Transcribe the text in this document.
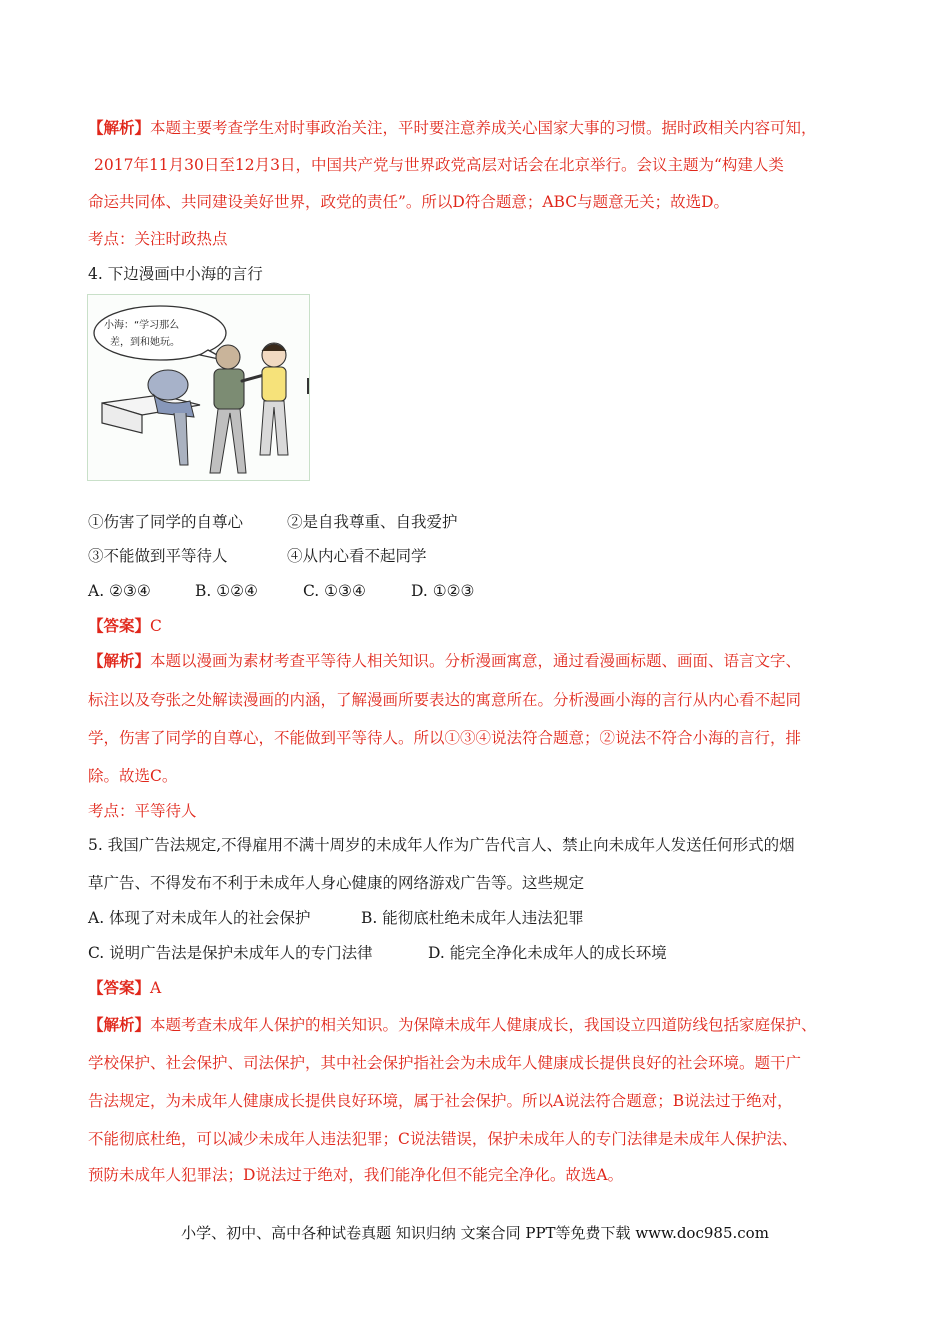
【解析】本题主要考查学生对时事政治关注，平时要注意养成关心国家大事的习惯。据时政相关内容可知，
2017年11月30日至12月3日，中国共产党与世界政党高层对话会在北京举行。会议主题为“构建人类
命运共同体、共同建设美好世界，政党的责任”。所以D符合题意；ABC与题意无关；故选D。
考点：关注时政热点
4. 下边漫画中小海的言行
小海：“学习那么
差，到和她玩。
①伤害了同学的自尊心	②是自我尊重、自我爱护
③不能做到平等待人	④从内心看不起同学
A. ②③④	B. ①②④	C. ①③④	D. ①②③
【答案】C
【解析】本题以漫画为素材考查平等待人相关知识。分析漫画寓意，通过看漫画标题、画面、语言文字、
标注以及夸张之处解读漫画的内涵，了解漫画所要表达的寓意所在。分析漫画小海的言行从内心看不起同
学，伤害了同学的自尊心，不能做到平等待人。所以①③④说法符合题意；②说法不符合小海的言行，排
除。故选C。
考点：平等待人
5. 我国广告法规定,不得雇用不满十周岁的未成年人作为广告代言人、禁止向未成年人发送任何形式的烟
草广告、不得发布不利于未成年人身心健康的网络游戏广告等。这些规定
A. 体现了对未成年人的社会保护	B. 能彻底杜绝未成年人违法犯罪
C. 说明广告法是保护未成年人的专门法律	D. 能完全净化未成年人的成长环境
【答案】A
【解析】本题考查未成年人保护的相关知识。为保障未成年人健康成长，我国设立四道防线包括家庭保护、
学校保护、社会保护、司法保护，其中社会保护指社会为未成年人健康成长提供良好的社会环境。题干广
告法规定，为未成年人健康成长提供良好环境，属于社会保护。所以A说法符合题意；B说法过于绝对，
不能彻底杜绝，可以减少未成年人违法犯罪；C说法错误，保护未成年人的专门法律是未成年人保护法、
预防未成年人犯罪法；D说法过于绝对，我们能净化但不能完全净化。故选A。
小学、初中、高中各种试卷真题 知识归纳 文案合同 PPT等免费下载 www.doc985.com
